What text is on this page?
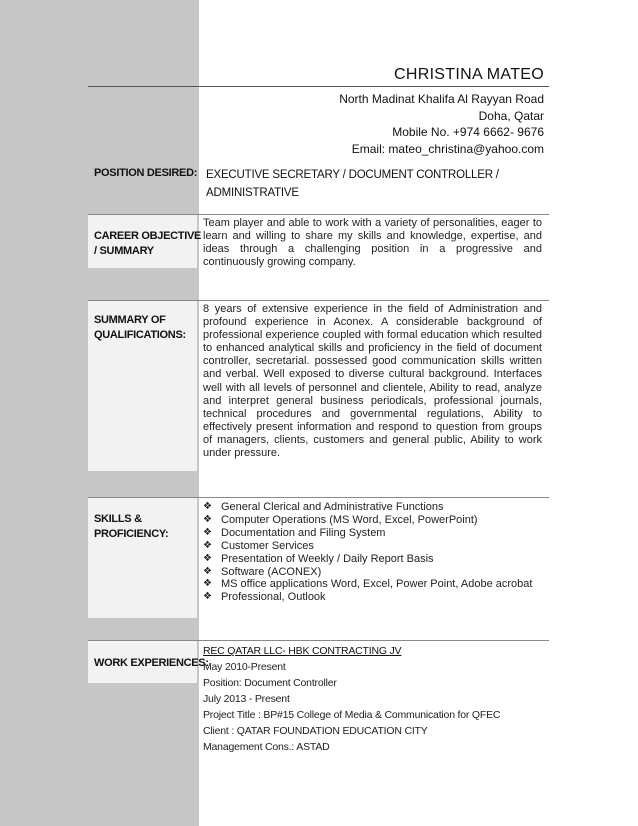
CHRISTINA MATEO
North Madinat Khalifa Al Rayyan Road
Doha, Qatar
Mobile No. +974 6662- 9676
Email: mateo_christina@yahoo.com
POSITION DESIRED: EXECUTIVE SECRETARY / DOCUMENT CONTROLLER / ADMINISTRATIVE
CAREER OBJECTIVE
/ SUMMARY
Team player and able to work with a variety of personalities, eager to learn and willing to share my skills and knowledge, expertise, and ideas through a challenging position in a progressive and continuously growing company.
SUMMARY OF
QUALIFICATIONS:
8 years of extensive experience in the field of Administration and profound experience in Aconex. A considerable background of professional experience coupled with formal education which resulted to enhanced analytical skills and proficiency in the field of document controller, secretarial. possessed good communication skills written and verbal. Well exposed to diverse cultural background. Interfaces well with all levels of personnel and clientele, Ability to read, analyze and interpret general business periodicals, professional journals, technical procedures and governmental regulations, Ability to effectively present information and respond to question from groups of managers, clients, customers and general public, Ability to work under pressure.
SKILLS &
PROFICIENCY:
❖ General Clerical and Administrative Functions
❖ Computer Operations (MS Word, Excel, PowerPoint)
❖ Documentation and Filing System
❖ Customer Services
❖ Presentation of Weekly / Daily Report Basis
❖ Software (ACONEX)
❖ MS office applications Word, Excel, Power Point, Adobe acrobat
❖ Professional, Outlook
WORK EXPERIENCES:
REC QATAR LLC- HBK CONTRACTING JV
May 2010-Present
Position: Document Controller
July 2013 - Present
Project Title : BP#15 College of Media & Communication for QFEC
Client : QATAR FOUNDATION EDUCATION CITY
Management Cons.: ASTAD
